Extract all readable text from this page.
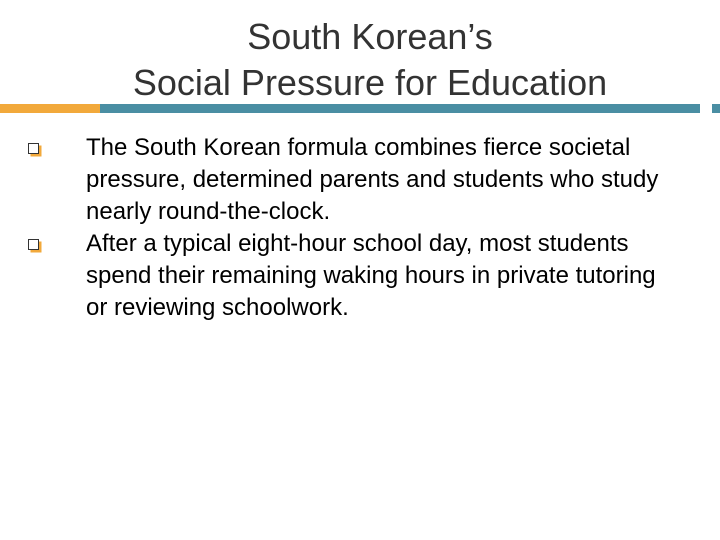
South Korean’s
Social Pressure for Education
The South Korean formula combines fierce societal pressure, determined parents and students who study nearly round-the-clock.
After a typical eight-hour school day, most students spend their remaining waking hours in private tutoring or reviewing schoolwork.
